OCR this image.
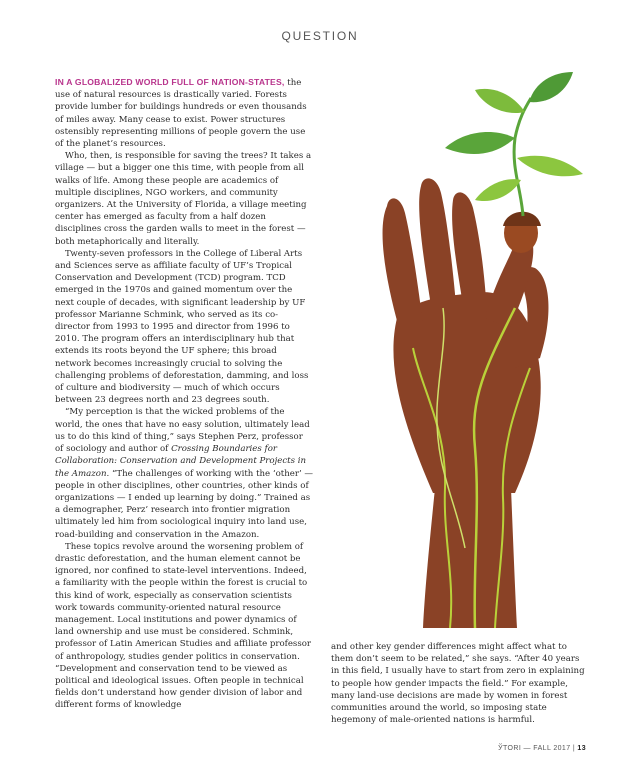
QUESTION

IN A GLOBALIZED WORLD FULL OF NATION-STATES, the use of natural resources is drastically varied. Forests provide lumber for buildings hundreds or even thousands of miles away. Many cease to exist. Power structures ostensibly representing millions of people govern the use of the planet’s resources.

Who, then, is responsible for saving the trees? It takes a village — but a bigger one this time, with people from all walks of life. Among these people are academics of multiple disciplines, NGO workers, and community organizers. At the University of Florida, a village meeting center has emerged as faculty from a half dozen disciplines cross the garden walls to meet in the forest — both metaphorically and literally.

Twenty-seven professors in the College of Liberal Arts and Sciences serve as affiliate faculty of UF’s Tropical Conservation and Development (TCD) program. TCD emerged in the 1970s and gained momentum over the next couple of decades, with significant leadership by UF professor Marianne Schmink, who served as its co-director from 1993 to 1995 and director from 1996 to 2010. The program offers an interdisciplinary hub that extends its roots beyond the UF sphere; this broad network becomes increasingly crucial to solving the challenging problems of deforestation, damming, and loss of culture and biodiversity — much of which occurs between 23 degrees north and 23 degrees south.

“My perception is that the wicked problems of the world, the ones that have no easy solution, ultimately lead us to do this kind of thing,” says Stephen Perz, professor of sociology and author of Crossing Boundaries for Collaboration: Conservation and Development Projects in the Amazon. “The challenges of working with the ‘other’ — people in other disciplines, other countries, other kinds of organizations — I ended up learning by doing.” Trained as a demographer, Perz’ research into frontier migration ultimately led him from sociological inquiry into land use, road-building and conservation in the Amazon.

These topics revolve around the worsening problem of drastic deforestation, and the human element cannot be ignored, nor confined to state-level interventions. Indeed, a familiarity with the people within the forest is crucial to this kind of work, especially as conservation scientists work towards community-oriented natural resource management. Local institutions and power dynamics of land ownership and use must be considered. Schmink, professor of Latin American Studies and affiliate professor of anthropology, studies gender politics in conservation. “Development and conservation tend to be viewed as political and ideological issues. Often people in technical fields don’t understand how gender division of labor and different forms of knowledge

and other key gender differences might affect what to them don’t seem to be related,” she says. “After 40 years in this field, I usually have to start from zero in explaining to people how gender impacts the field.” For example, many land-use decisions are made by women in forest communities around the world, so imposing state hegemony of male-oriented nations is harmful.

ЎTORI — FALL 2017 | 13
